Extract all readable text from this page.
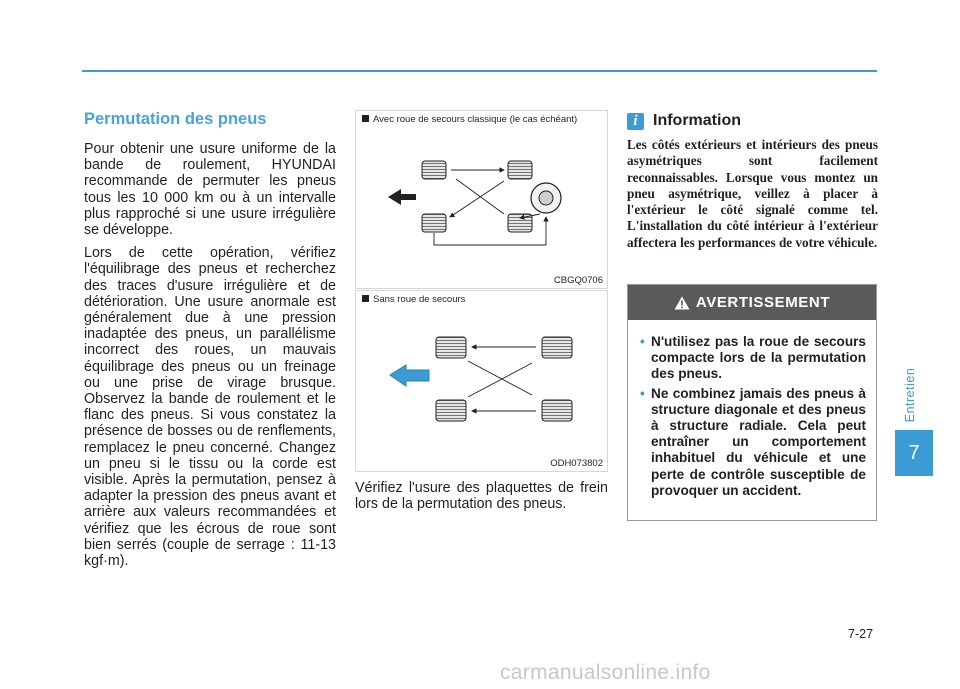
Permutation des pneus

Pour obtenir une usure uniforme de la bande de roulement, HYUNDAI recommande de permuter les pneus tous les 10 000 km ou à un intervalle plus rapproché si une usure irrégulière se développe.

Lors de cette opération, vérifiez l'équilibrage des pneus et recherchez des traces d'usure irrégulière et de détérioration. Une usure anormale est généralement due à une pression inadaptée des pneus, un parallélisme incorrect des roues, un mauvais équilibrage des pneus ou un freinage ou une prise de virage brusque. Observez la bande de roulement et le flanc des pneus. Si vous constatez la présence de bosses ou de renflements, remplacez le pneu concerné. Changez un pneu si le tissu ou la corde est visible. Après la permutation, pensez à adapter la pression des pneus avant et arrière aux valeurs recommandées et vérifiez que les écrous de roue sont bien serrés (couple de serrage : 11-13 kgf·m).

Avec roue de secours classique (le cas échéant)
CBGQ0706
Sans roue de secours
ODH073802

Vérifiez l'usure des plaquettes de frein lors de la permutation des pneus.

i Information

Les côtés extérieurs et intérieurs des pneus asymétriques sont facilement reconnaissables. Lorsque vous montez un pneu asymétrique, veillez à placer à l'extérieur le côté signalé comme tel. L'installation du côté intérieur à l'extérieur affectera les performances de votre véhicule.

AVERTISSEMENT
• N'utilisez pas la roue de secours compacte lors de la permutation des pneus.
• Ne combinez jamais des pneus à structure diagonale et des pneus à structure radiale. Cela peut entraîner un comportement inhabituel du véhicule et une perte de contrôle susceptible de provoquer un accident.
Entretien
7
7-27
carmanualsonline.info
